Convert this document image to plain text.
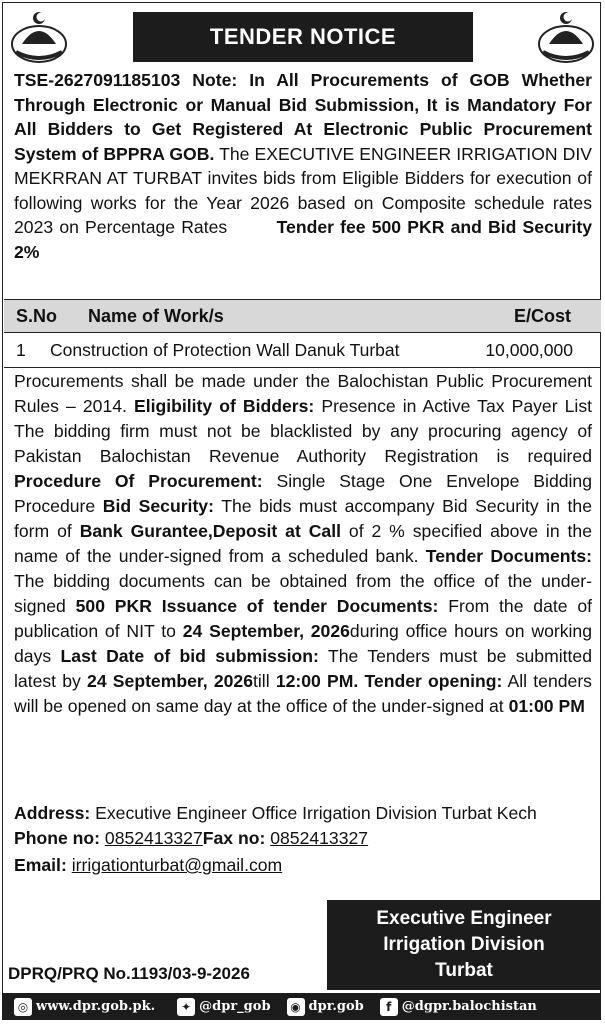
TENDER NOTICE
TSE-2627091185103 Note: In All Procurements of GOB Whether Through Electronic or Manual Bid Submission, It is Mandatory For All Bidders to Get Registered At Electronic Public Procurement System of BPPRA GOB. The EXECUTIVE ENGINEER IRRIGATION DIV MEKRRAN AT TURBAT invites bids from Eligible Bidders for execution of following works for the Year 2026 based on Composite schedule rates 2023 on Percentage Rates	Tender fee 500 PKR and Bid Security 2%
S.No	Name of Work/s	E/Cost
1	Construction of Protection Wall Danuk Turbat	10,000,000
Procurements shall be made under the Balochistan Public Procurement Rules – 2014. Eligibility of Bidders: Presence in Active Tax Payer List The bidding firm must not be blacklisted by any procuring agency of Pakistan Balochistan Revenue Authority Registration is required Procedure Of Procurement: Single Stage One Envelope Bidding Procedure Bid Security: The bids must accompany Bid Security in the form of Bank Gurantee,Deposit at Call of 2 % specified above in the name of the under-signed from a scheduled bank. Tender Documents: The bidding documents can be obtained from the office of the under-signed 500 PKR Issuance of tender Documents: From the date of publication of NIT to 24 September, 2026during office hours on working days Last Date of bid submission: The Tenders must be submitted latest by 24 September, 2026till 12:00 PM. Tender opening: All tenders will be opened on same day at the office of the under-signed at 01:00 PM
Address: Executive Engineer Office Irrigation Division Turbat Kech
Phone no: 0852413327Fax no: 0852413327
Email: irrigationturbat@gmail.com
Executive Engineer
Irrigation Division
Turbat
DPRQ/PRQ No.1193/03-9-2026
◎ www.dpr.gob.pk.	✦ @dpr_gob	◉ dpr.gob	f @dgpr.balochistan
